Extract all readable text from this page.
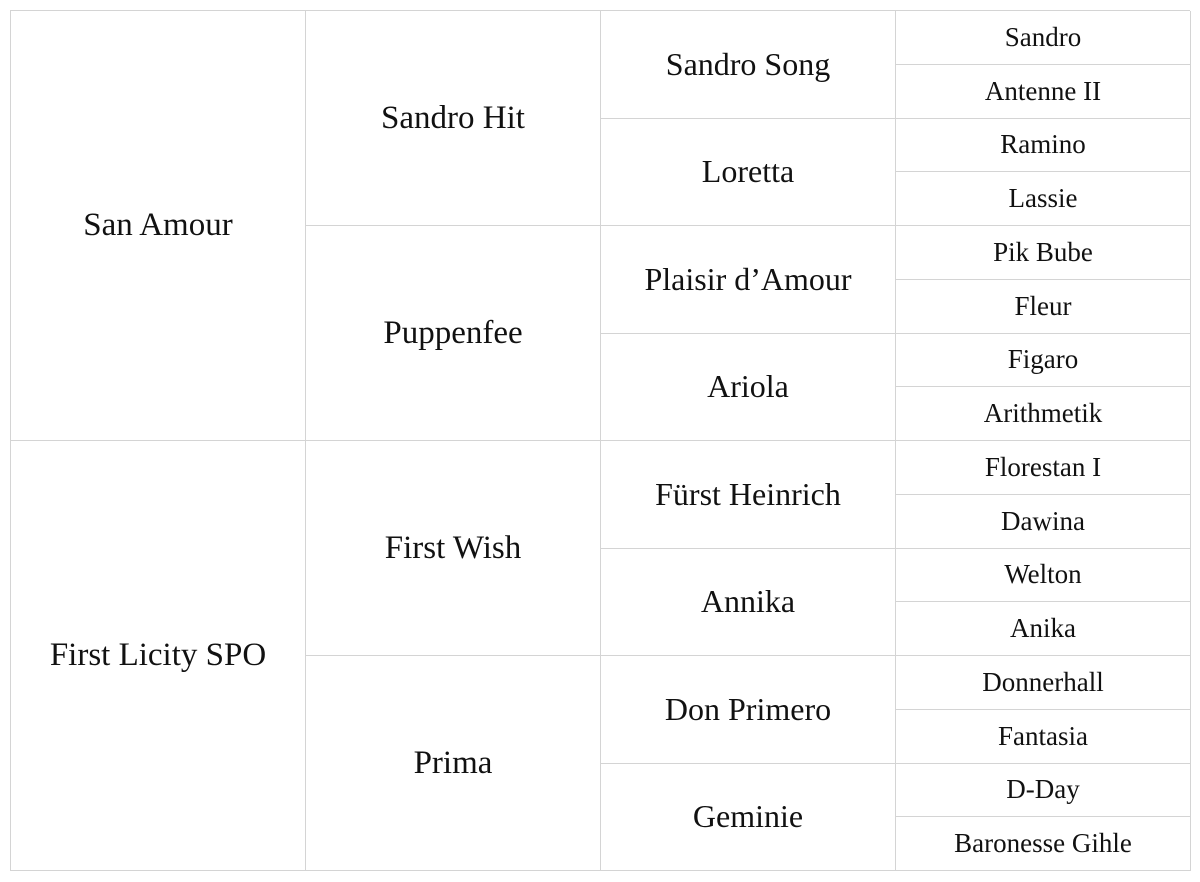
San Amour
First Licity SPO
Sandro Hit
Puppenfee
First Wish
Prima
Sandro Song
Loretta
Plaisir d’Amour
Ariola
Fürst Heinrich
Annika
Don Primero
Geminie
Sandro
Antenne II
Ramino
Lassie
Pik Bube
Fleur
Figaro
Arithmetik
Florestan I
Dawina
Welton
Anika
Donnerhall
Fantasia
D-Day
Baronesse Gihle
